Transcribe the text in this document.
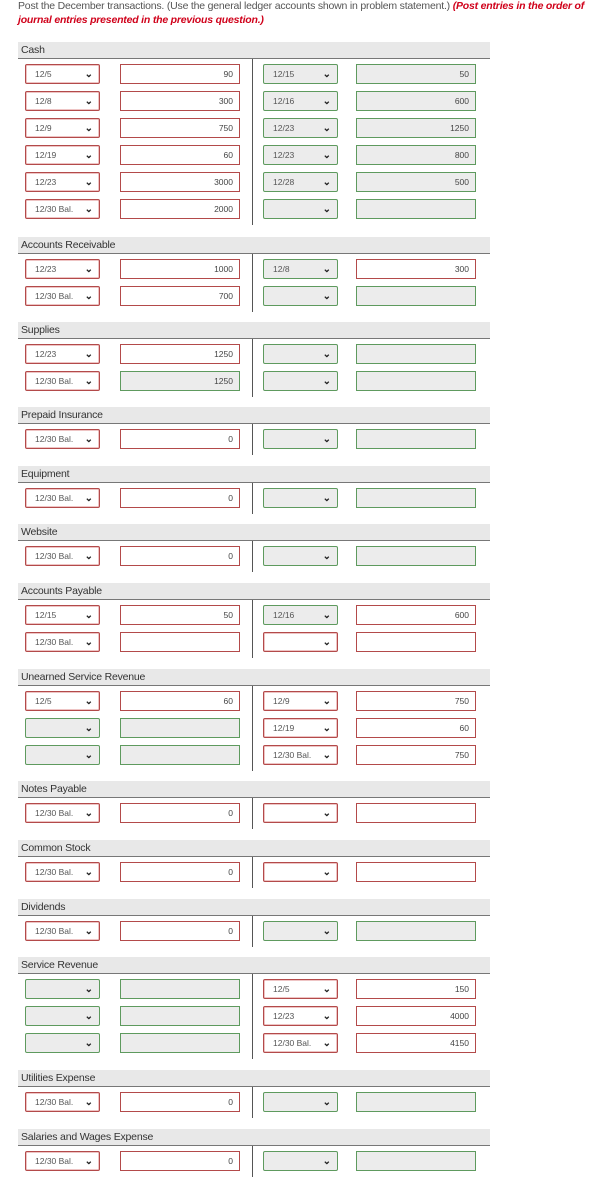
Post the December transactions. (Use the general ledger accounts shown in problem statement.) (Post entries in the order of journal entries presented in the previous question.)
Cash
12/5	⌄	90	12/15	⌄	50
12/8	⌄	300	12/16	⌄	600
12/9	⌄	750	12/23	⌄	1250
12/19	⌄	60	12/23	⌄	800
12/23	⌄	3000	12/28	⌄	500
12/30 Bal. ⌄	2000	⌄
Accounts Receivable
12/23	⌄	1000	12/8	⌄	300
12/30 Bal. ⌄	700	⌄
Supplies
12/23	⌄	1250	⌄
12/30 Bal. ⌄	1250	⌄
Prepaid Insurance
12/30 Bal. ⌄	0	⌄
Equipment
12/30 Bal. ⌄	0	⌄
Website
12/30 Bal. ⌄	0	⌄
Accounts Payable
12/15	⌄	50	12/16	⌄	600
12/30 Bal. ⌄	⌄
Unearned Service Revenue
12/5	⌄	60	12/9	⌄	750
⌄	12/19	⌄	60
⌄	12/30 Bal. ⌄	750
Notes Payable
12/30 Bal. ⌄	0	⌄
Common Stock
12/30 Bal. ⌄	0	⌄
Dividends
12/30 Bal. ⌄	0	⌄
Service Revenue
⌄	12/5	⌄	150
⌄	12/23	⌄	4000
⌄	12/30 Bal. ⌄	4150
Utilities Expense
12/30 Bal. ⌄	0	⌄
Salaries and Wages Expense
12/30 Bal. ⌄	0	⌄
